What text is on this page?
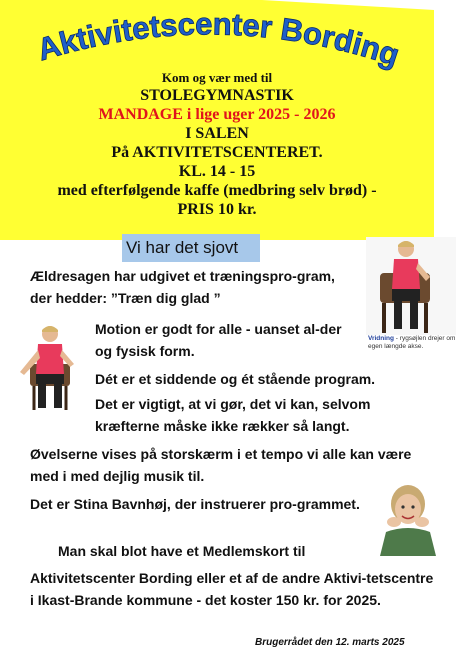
Aktivitetscenter Bording
Kom og vær med til
STOLEGYMNASTIK
MANDAGE i lige uger 2025 - 2026
I SALEN
På AKTIVITETSCENTERET.
KL. 14 - 15
med efterfølgende kaffe (medbring selv brød) -
PRIS 10 kr.
Vi har det sjovt
Vridning - rygsøjlen drejer om egen længde akse.

Ældresagen har udgivet et træningspro-gram, der hedder: ”Træn dig glad ”

Motion er godt for alle - uanset al-der og fysisk form.

Dét er et siddende og ét stående program.

Det er vigtigt, at vi gør, det vi kan, selvom kræfterne måske ikke rækker så langt.

Øvelserne vises på storskærm i et tempo vi alle kan være med i med dejlig musik til.

Det er Stina Bavnhøj, der instruerer pro-grammet.

Man skal blot have et Medlemskort til

Aktivitetscenter Bording eller et af de andre Aktivi-tetscentre i Ikast-Brande kommune - det koster 150 kr. for 2025.

Brugerrådet den 12. marts 2025
